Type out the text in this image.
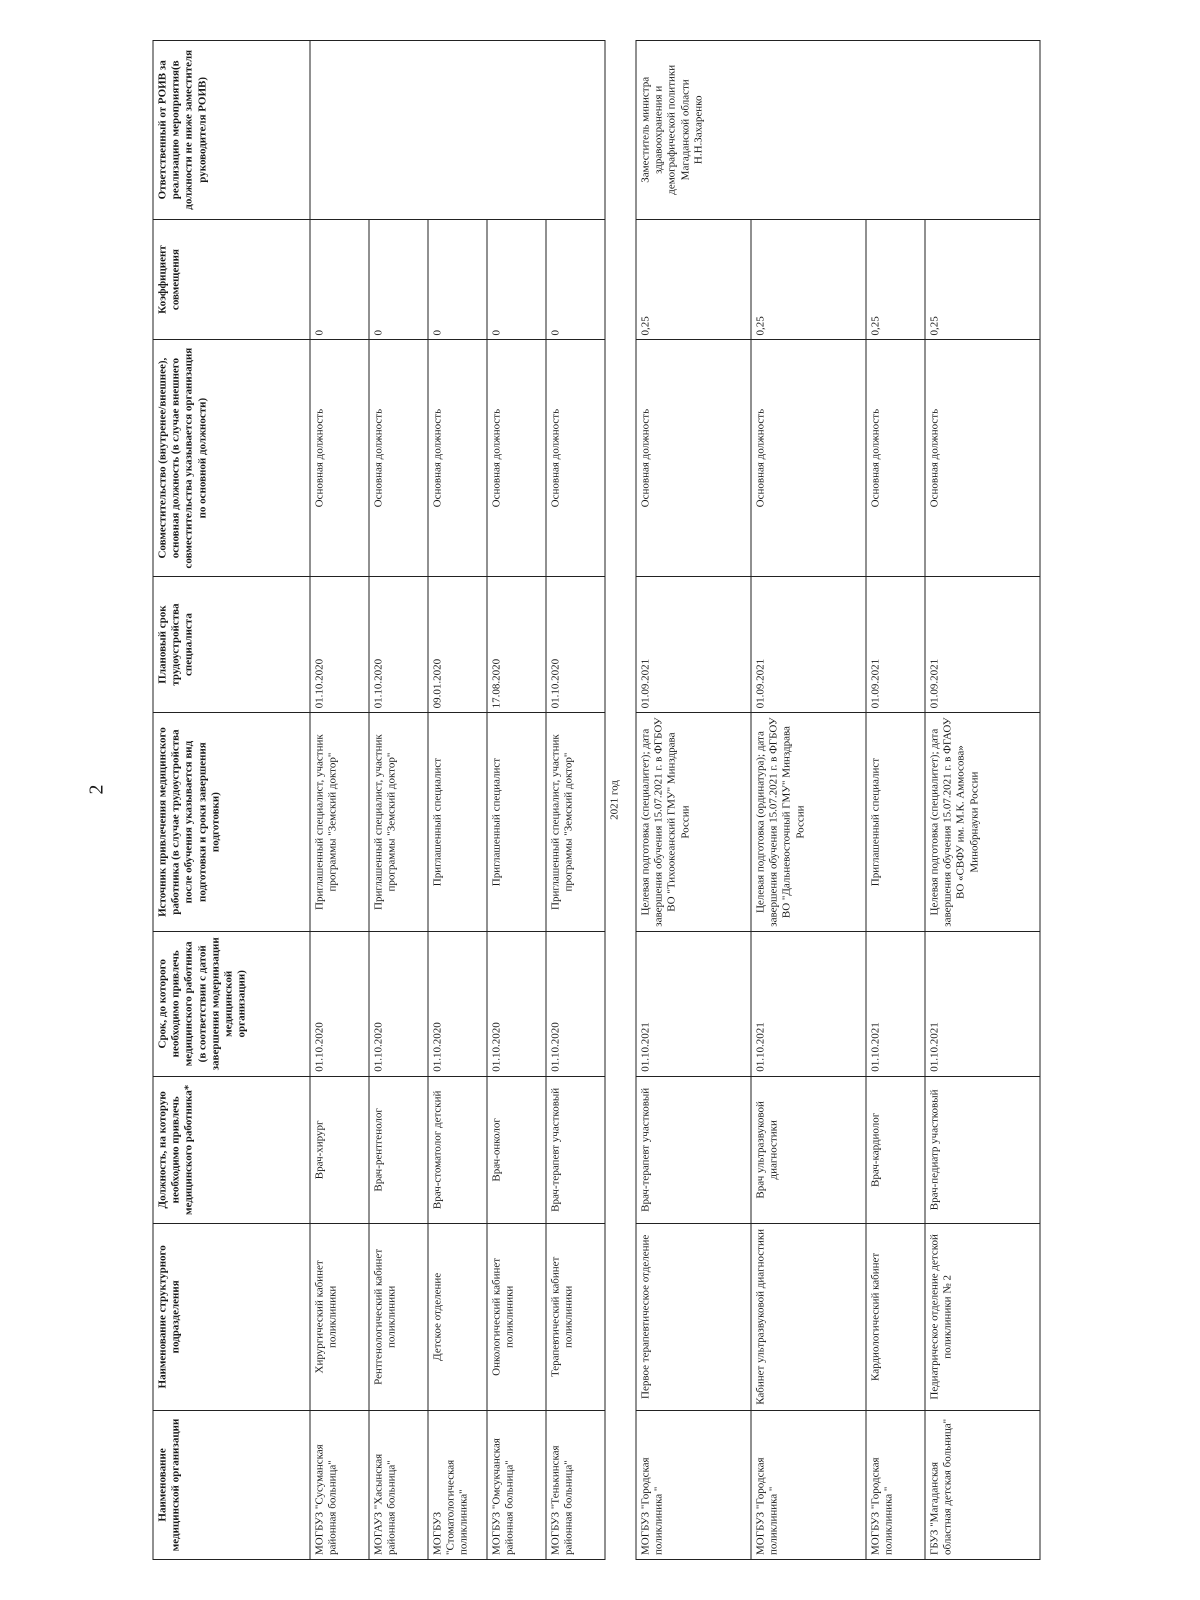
2
Наименование медицинской организации	Наименование структурного подразделения	Должность, на которую необходимо привлечь медицинского работника*	Срок, до которого необходимо привлечь медицинского работника (в соответствии с датой завершения модернизации медицинской организации)	Источник привлечения медицинского работника (в случае трудоустройства после обучения указывается вид подготовки и сроки завершения подготовки)	Плановый срок трудоустройства специалиста	Совместительство (внутренее/внешнее), основная должность (в случае внешнего совместительства указывается организация по основной должности)	Коэффициент совмещения	Ответственный от РОИВ за реализацию мероприятия(в должности не ниже заместителя руководителя РОИВ)
МОГБУЗ "Сусуманская районная больница"	Хирургический кабинет поликлиники	Врач-хирург	01.10.2020	Приглашенный специалист, участник программы "Земский доктор"	01.10.2020	Основная должность	0	
МОГАУЗ "Хасынская районная больница"	Рентгенологический кабинет поликлиники	Врач-рентгенолог	01.10.2020	Приглашенный специалист, участник программы "Земский доктор"	01.10.2020	Основная должность	0	
МОГБУЗ "Стоматологическая поликлиника"	Детское отделение	Врач-стоматолог детский	01.10.2020	Приглашенный специалист	09.01.2020	Основная должность	0	
МОГБУЗ "Омсукчанская районная больница"	Онкологический кабинет поликлиники	Врач-онколог	01.10.2020	Приглашенный специалист	17.08.2020	Основная должность	0	
МОГБУЗ "Тенькинская районная больница"	Терапевтический кабинет поликлиники	Врач-терапевт участковый	01.10.2020	Приглашенный специалист, участник программы "Земский доктор"	01.10.2020	Основная должность	0	
2021 год								
МОГБУЗ "Городская поликлиника "	Первое терапевтическое отделение	Врач-терапевт участковый	01.10.2021	Целевая подготовка (специалитет); дата завершения обучения 15.07.2021 г. в ФГБОУ ВО "Тихоокеанский ГМУ" Минздрава России	01.09.2021	Основная должность	0,25	Заместитель министра здравоохранения и демографической политики Магаданской области Н.Н.Захаренко
МОГБУЗ "Городская поликлиника "	Кабинет ультразвуковой диагностики	Врач ультразвуковой диагностики	01.10.2021	Целевая подготовка (ординатура); дата завершения обучения 15.07.2021 г. в ФГБОУ ВО "Дальневосточный ГМУ" Минздрава России	01.09.2021	Основная должность	0,25	
МОГБУЗ "Городская поликлиника "	Кардиологический кабинет	Врач-кардиолог	01.10.2021	Приглашенный специалист	01.09.2021	Основная должность	0,25	
ГБУЗ "Магаданская областная детская больница"	Педиатрическое отделение детской поликлиники № 2	Врач-педиатр участковый	01.10.2021	Целевая подготовка (специалитет); дата завершения обучения 15.07.2021 г. в ФГАОУ ВО «СВФУ им. М.К. Аммосова» Минобрнауки России	01.09.2021	Основная должность	0,25	
